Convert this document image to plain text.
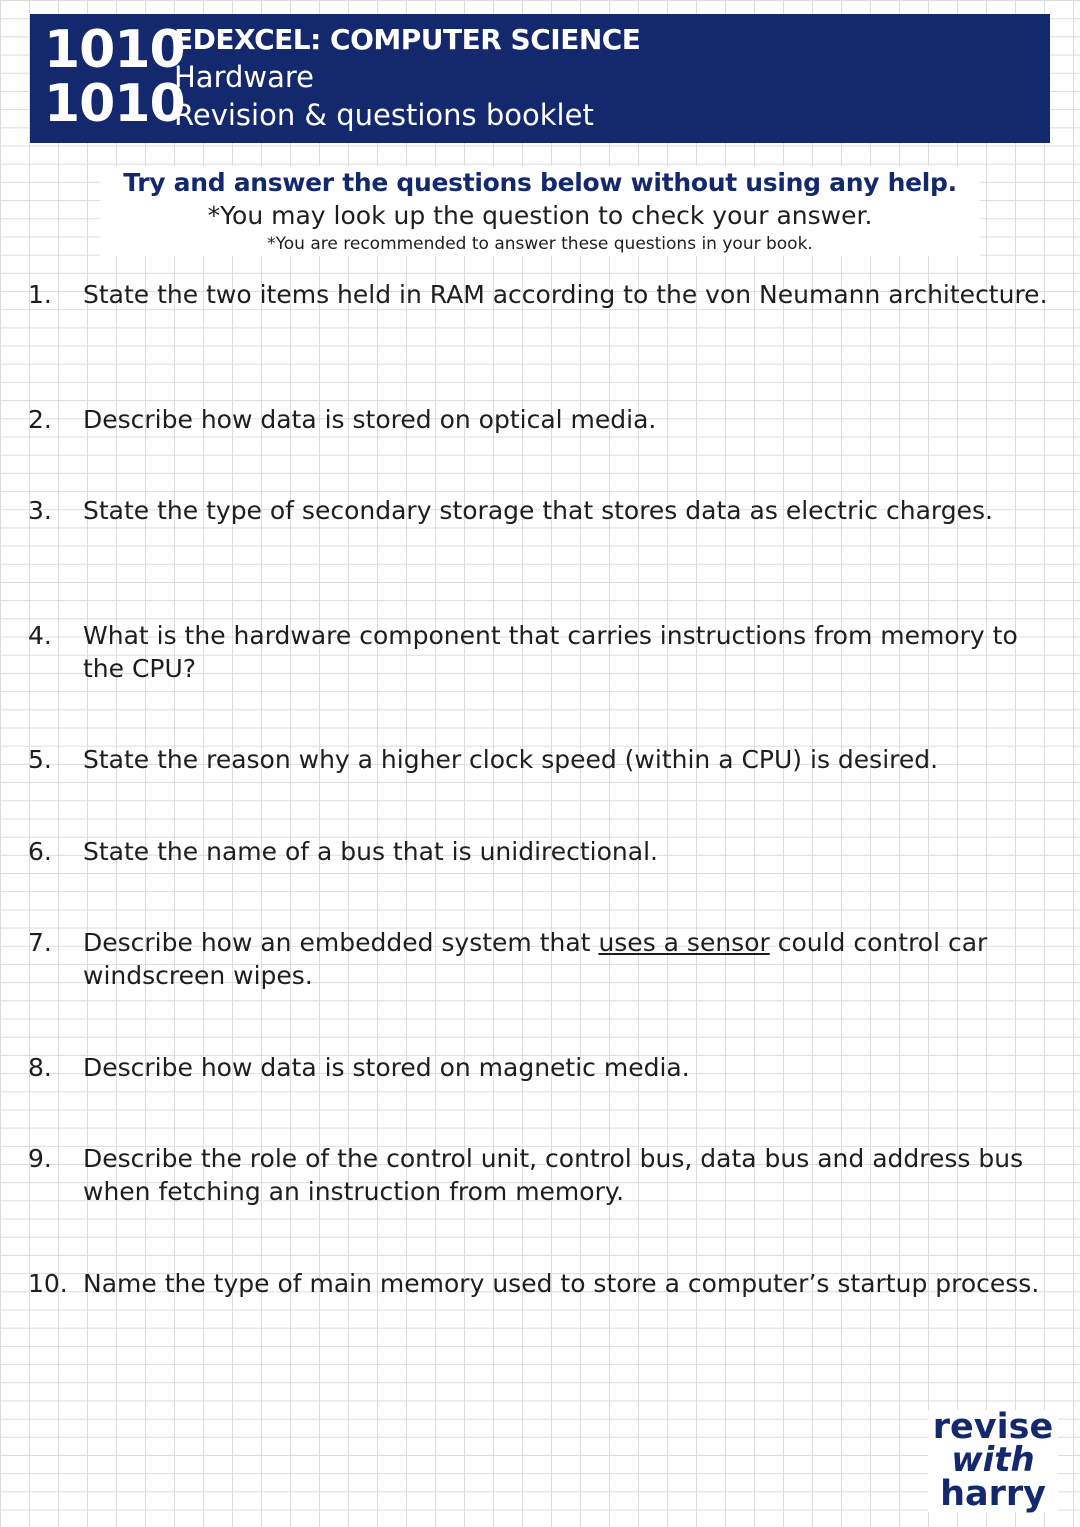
1010
1010
EDEXCEL: COMPUTER SCIENCE
Hardware
Revision & questions booklet
Try and answer the questions below without using any help.
*You may look up the question to check your answer.
*You are recommended to answer these questions in your book.
1.	State the two items held in RAM according to the von Neumann architecture.
2.	Describe how data is stored on optical media.
3.	State the type of secondary storage that stores data as electric charges.
4.	What is the hardware component that carries instructions from memory to the CPU?
5.	State the reason why a higher clock speed (within a CPU) is desired.
6.	State the name of a bus that is unidirectional.
7.	Describe how an embedded system that uses a sensor could control car windscreen wipes.
8.	Describe how data is stored on magnetic media.
9.	Describe the role of the control unit, control bus, data bus and address bus when fetching an instruction from memory.
10. Name the type of main memory used to store a computer’s startup process.
revise
with
harry
